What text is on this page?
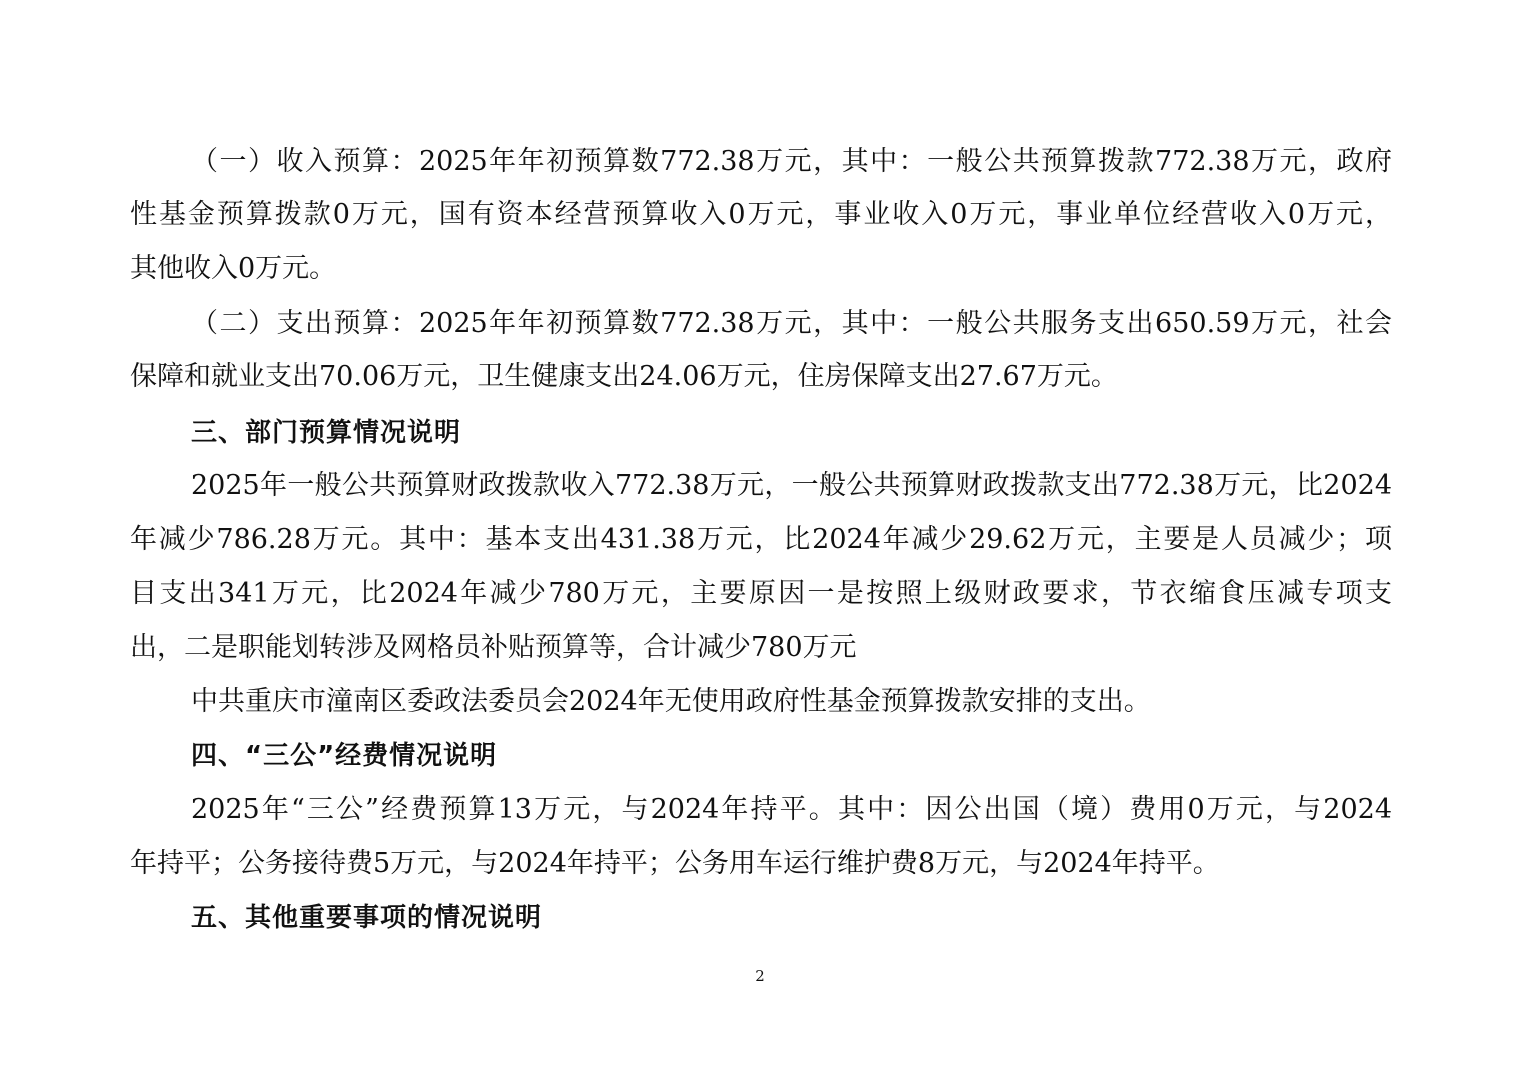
（一）收入预算：2025年年初预算数772.38万元，其中：一般公共预算拨款772.38万元，政府
性基金预算拨款0万元，国有资本经营预算收入0万元，事业收入0万元，事业单位经营收入0万元，
其他收入0万元。
（二）支出预算：2025年年初预算数772.38万元，其中：一般公共服务支出650.59万元，社会
保障和就业支出70.06万元，卫生健康支出24.06万元，住房保障支出27.67万元。
三、部门预算情况说明
2025年一般公共预算财政拨款收入772.38万元，一般公共预算财政拨款支出772.38万元，比2024
年减少786.28万元。其中：基本支出431.38万元，比2024年减少29.62万元，主要是人员减少；项
目支出341万元，比2024年减少780万元，主要原因一是按照上级财政要求，节衣缩食压减专项支
出，二是职能划转涉及网格员补贴预算等，合计减少780万元
中共重庆市潼南区委政法委员会2024年无使用政府性基金预算拨款安排的支出。
四、“三公”经费情况说明
2025年“三公”经费预算13万元，与2024年持平。其中：因公出国（境）费用0万元，与2024
年持平；公务接待费5万元，与2024年持平；公务用车运行维护费8万元，与2024年持平。
五、其他重要事项的情况说明
2
